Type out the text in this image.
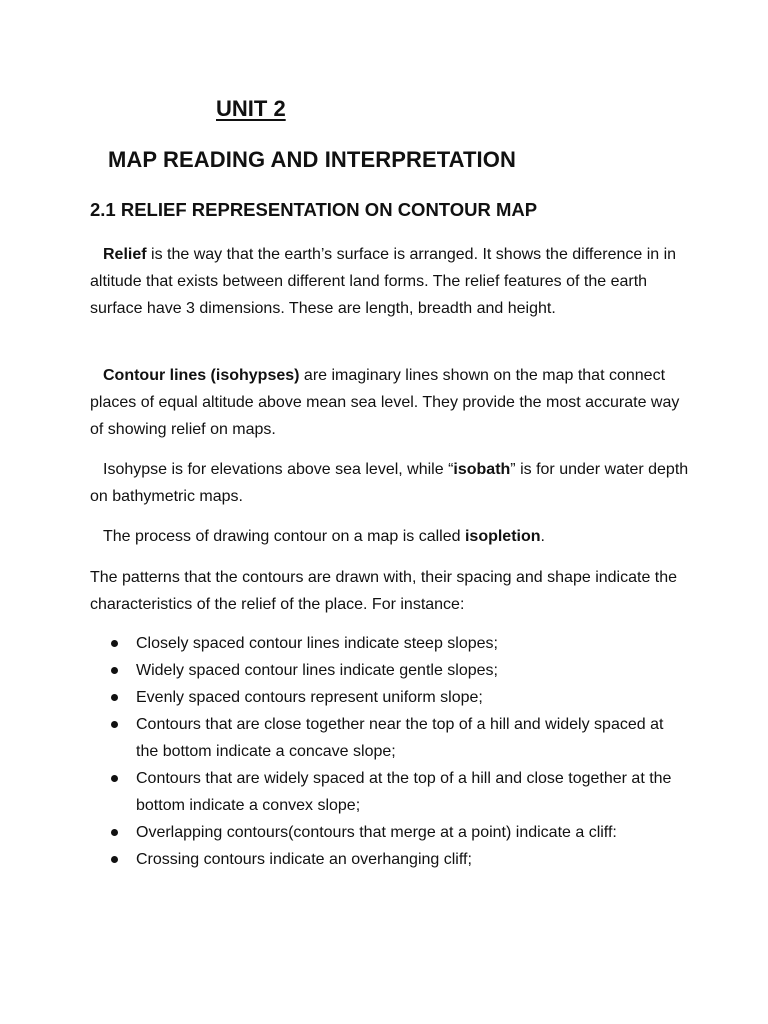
UNIT 2
MAP READING AND INTERPRETATION
2.1 RELIEF REPRESENTATION ON CONTOUR MAP
Relief is the way that the earth’s surface is arranged. It shows the difference in in altitude that exists between different land forms. The relief features of the earth surface have 3 dimensions. These are length, breadth and height.
Contour lines (isohypses) are imaginary lines shown on the map that connect places of equal altitude above mean sea level. They provide the most accurate way of showing relief on maps.
Isohypse is for elevations above sea level, while “isobath” is for under water depth on bathymetric maps.
The process of drawing contour on a map is called isopletion.
The patterns that the contours are drawn with, their spacing and shape indicate the characteristics of the relief of the place. For instance:
Closely spaced contour lines indicate steep slopes;
Widely spaced contour lines indicate gentle slopes;
Evenly spaced contours represent uniform slope;
Contours that are close together near the top of a hill and widely spaced at the bottom indicate a concave slope;
Contours that are widely spaced at the top of a hill and close together at the bottom indicate a convex slope;
Overlapping contours(contours that merge at a point) indicate a cliff:
Crossing contours indicate an overhanging cliff;
